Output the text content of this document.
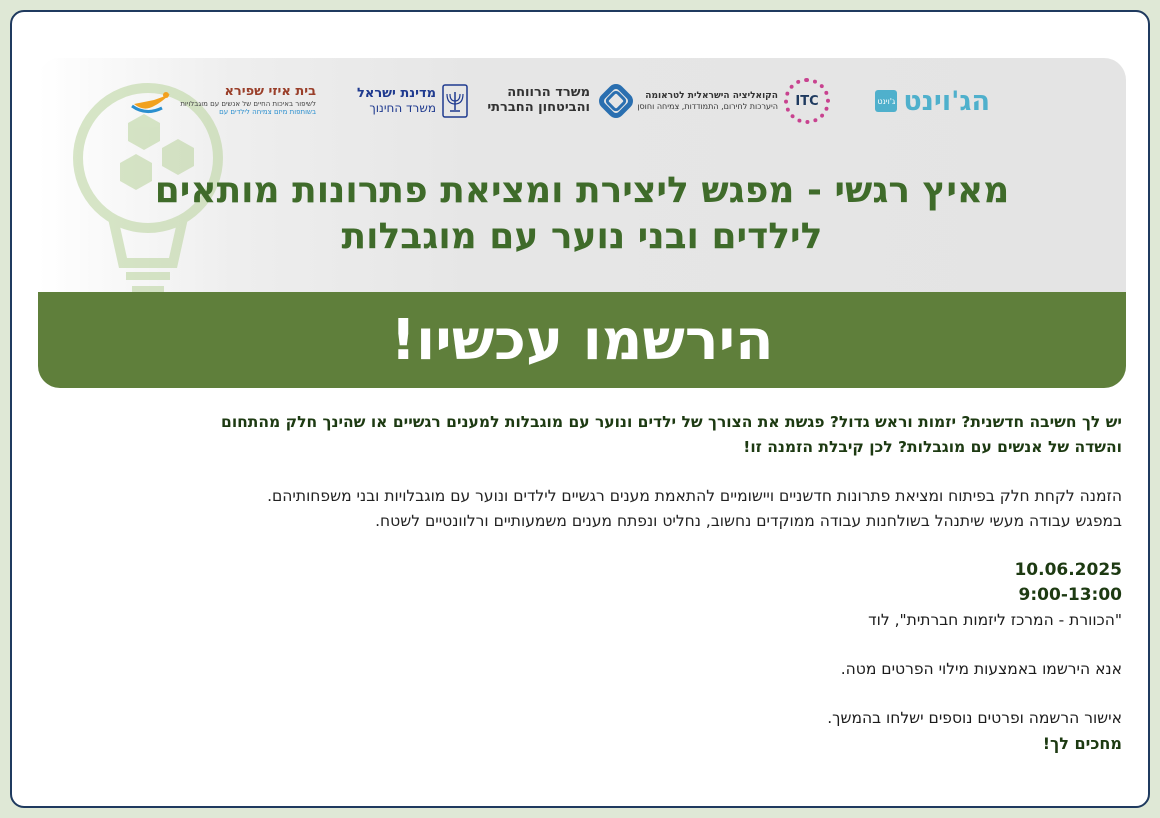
הג'וינט
ג'וינט
ITC
הקואליציה הישראלית לטראומה
היערכות לחירום, התמודדות, צמיחה וחוסן
משרד הרווחה
והביטחון החברתי
מדינת ישראל
משרד החינוך
בית איזי שפירא
לשיפור באיכות החיים של אנשים עם מוגבלויות
בשותפות מיזם צמיחה לילדים עם
מאיץ רגשי - מפגש ליצירת ומציאת פתרונות מותאים
לילדים ובני נוער עם מוגבלות
הירשמו עכשיו!
יש לך חשיבה חדשנית? יזמות וראש גדול? פגשת את הצורך של ילדים ונוער עם מוגבלות למענים רגשיים או שהינך חלק מהתחום
והשדה של אנשים עם מוגבלות? לכן קיבלת הזמנה זו!
הזמנה לקחת חלק בפיתוח ומציאת פתרונות חדשניים ויישומיים להתאמת מענים רגשיים לילדים ונוער עם מוגבלויות ובני משפחותיהם.
במפגש עבודה מעשי שיתנהל בשולחנות עבודה ממוקדים נחשוב, נחליט ונפתח מענים משמעותיים ורלוונטיים לשטח.
10.06.2025
9:00-13:00
"הכוורת - המרכז ליזמות חברתית", לוד
אנא הירשמו באמצעות מילוי הפרטים מטה.
אישור הרשמה ופרטים נוספים ישלחו בהמשך.
מחכים לך!
